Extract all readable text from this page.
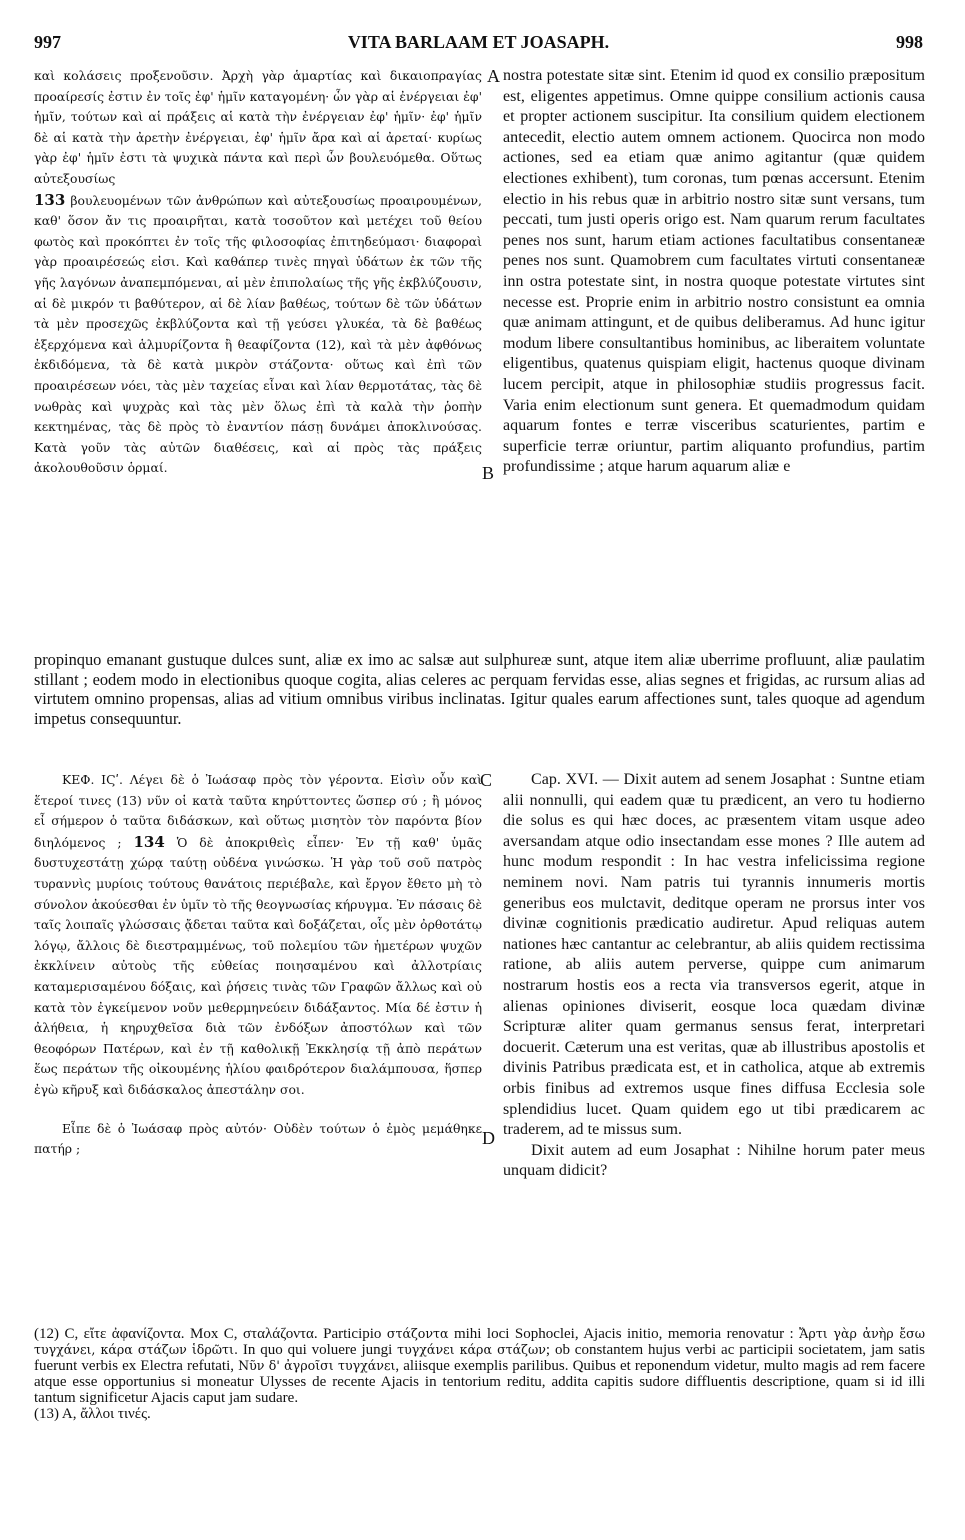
997	VITA BARLAAM ET JOASAPH.	998

καὶ κολάσεις προξενοῦσιν. Ἀρχὴ γὰρ ἁμαρτίας καὶ δικαιοπραγίας προαίρεσίς ἐστιν ἐν τοῖς ἐφ' ἡμῖν καταγομένη· ὧν γὰρ αἱ ἐνέργειαι ἐφ' ἡμῖν, τούτων καὶ αἱ πράξεις αἱ κατὰ τὴν ἐνέργειαν ἐφ' ἡμῖν· ἐφ' ἡμῖν δὲ αἱ κατὰ τὴν ἀρετὴν ἐνέργειαι, ἐφ' ἡμῖν ἄρα καὶ αἱ ἀρεταί· κυρίως γὰρ ἐφ' ἡμῖν ἐστι τὰ ψυχικὰ πάντα καὶ περὶ ὧν βουλευόμεθα. Οὕτως αὐτεξουσίως

133 βουλευομένων τῶν ἀνθρώπων καὶ αὐτεξουσίως προαιρουμένων, καθ' ὅσον ἄν τις προαιρῆται, κατὰ τοσοῦτον καὶ μετέχει τοῦ θείου φωτὸς καὶ προκόπτει ἐν τοῖς τῆς φιλοσοφίας ἐπιτηδεύμασι· διαφοραὶ γὰρ προαιρέσεώς εἰσι. Καὶ καθάπερ τινὲς πηγαὶ ὑδάτων ἐκ τῶν τῆς γῆς λαγόνων ἀναπεμπόμεναι, αἱ μὲν ἐπιπολαίως τῆς γῆς ἐκβλύζουσιν, αἱ δὲ μικρόν τι βαθύτερον, αἱ δὲ λίαν βαθέως, τούτων δὲ τῶν ὑδάτων τὰ μὲν προσεχῶς ἐκβλύζοντα καὶ τῇ γεύσει γλυκέα, τὰ δὲ βαθέως ἐξερχόμενα καὶ ἁλμυρίζοντα ἢ θεαφίζοντα (12), καὶ τὰ μὲν ἀφθόνως ἐκδιδόμενα, τὰ δὲ κατὰ μικρὸν στάζοντα· οὕτως καὶ ἐπὶ τῶν προαιρέσεων νόει, τὰς μὲν ταχείας εἶναι καὶ λίαν θερμοτάτας, τὰς δὲ νωθρὰς καὶ ψυχρὰς καὶ τὰς μὲν ὅλως ἐπὶ τὰ καλὰ τὴν ῥοπὴν κεκτημένας, τὰς δὲ πρὸς τὸ ἐναντίον πάσῃ δυνάμει ἀποκλινούσας. Κατὰ γοῦν τὰς αὐτῶν διαθέσεις, καὶ αἱ πρὸς τὰς πράξεις ἀκολουθοῦσιν ὁρμαί.

A
B

nostra potestate sitæ sint. Etenim id quod ex consilio præpositum est, eligentes appetimus. Omne quippe consilium actionis causa et propter actionem suscipitur. Ita consilium quidem electionem antecedit, electio autem omnem actionem. Quocirca non modo actiones, sed ea etiam quæ animo agitantur (quæ quidem electiones exhibent), tum coronas, tum pœnas accersunt. Etenim electio in his rebus quæ in arbitrio nostro sitæ sunt versans, tum peccati, tum justi operis origo est. Nam quarum rerum facultates penes nos sunt, harum etiam actiones facultatibus consentaneæ penes nos sunt. Quamobrem cum facultates virtuti consentaneæ inn ostra potestate sint, in nostra quoque potestate virtutes sint necesse est. Proprie enim in arbitrio nostro consistunt ea omnia quæ animam attingunt, et de quibus deliberamus. Ad hunc igitur modum libere consultantibus hominibus, ac liberaitem voluntate eligentibus, quatenus quispiam eligit, hactenus quoque divinam lucem percipit, atque in philosophiæ studiis progressus facit. Varia enim electionum sunt genera. Et quemadmodum quidam aquarum fontes e terræ visceribus scaturientes, partim e superficie terræ oriuntur, partim aliquanto profundius, partim profundissime ; atque harum aquarum aliæ e

propinquo emanant gustuque dulces sunt, aliæ ex imo ac salsæ aut sulphureæ sunt, atque item aliæ uberrime profluunt, aliæ paulatim stillant ; eodem modo in electionibus quoque cogita, alias celeres ac perquam fervidas esse, alias segnes et frigidas, ac rursum alias ad virtutem omnino propensas, alias ad vitium omnibus viribus inclinatas. Igitur quales earum affectiones sunt, tales quoque ad agendum impetus consequuntur.

ΚΕΦ. ΙϚʹ. Λέγει δὲ ὁ Ἰωάσαφ πρὸς τὸν γέροντα. Εἰσὶν οὖν καὶ ἕτεροί τινες (13) νῦν οἱ κατὰ ταῦτα κηρύττοντες ὥσπερ σύ ; ἢ μόνος εἶ σήμερον ὁ ταῦτα διδάσκων, καὶ οὕτως μισητὸν τὸν παρόντα βίον διηλόμενος ; 134 Ὁ δὲ ἀποκριθεὶς εἶπεν· Ἐν τῇ καθ' ὑμᾶς δυστυχεστάτῃ χώρᾳ ταύτῃ οὐδένα γινώσκω. Ἡ γὰρ τοῦ σοῦ πατρὸς τυραννὶς μυρίοις τούτους θανάτοις περιέβαλε, καὶ ἔργον ἔθετο μὴ τὸ σύνολον ἀκούεσθαι ἐν ὑμῖν τὸ τῆς θεογνωσίας κήρυγμα. Ἐν πάσαις δὲ ταῖς λοιπαῖς γλώσσαις ᾄδεται ταῦτα καὶ δοξάζεται, οἷς μὲν ὀρθοτάτῳ λόγῳ, ἄλλοις δὲ διεστραμμένως, τοῦ πολεμίου τῶν ἡμετέρων ψυχῶν ἐκκλίνειν αὐτοὺς τῆς εὐθείας ποιησαμένου καὶ ἀλλοτρίαις καταμερισαμένου δόξαις, καὶ ῥήσεις τινὰς τῶν Γραφῶν ἄλλως καὶ οὐ κατὰ τὸν ἐγκείμενον νοῦν μεθερμηνεύειν διδάξαντος. Μία δέ ἐστιν ἡ ἀλήθεια, ἡ κηρυχθεῖσα διὰ τῶν ἐνδόξων ἀποστόλων καὶ τῶν θεοφόρων Πατέρων, καὶ ἐν τῇ καθολικῇ Ἐκκλησίᾳ τῇ ἀπὸ περάτων ἕως περάτων τῆς οἰκουμένης ἡλίου φαιδρότερον διαλάμπουσα, ἥσπερ ἐγὼ κῆρυξ καὶ διδάσκαλος ἀπεστάλην σοι.

Εἶπε δὲ ὁ Ἰωάσαφ πρὸς αὐτόν· Οὐδὲν τούτων ὁ ἐμὸς μεμάθηκε πατήρ ;

C
D

Cap. XVI. — Dixit autem ad senem Josaphat : Suntne etiam alii nonnulli, qui eadem quæ tu prædicent, an vero tu hodierno die solus es qui hæc doces, ac præsentem vitam usque adeo aversandam atque odio insectandam esse mones ? Ille autem ad hunc modum respondit : In hac vestra infelicissima regione neminem novi. Nam patris tui tyrannis innumeris mortis generibus eos mulctavit, deditque operam ne prorsus inter vos divinæ cognitionis prædicatio audiretur. Apud reliquas autem nationes hæc cantantur ac celebrantur, ab aliis quidem rectissima ratione, ab aliis autem perverse, quippe cum animarum nostrarum hostis eos a recta via transversos egerit, atque in alienas opiniones diviserit, eosque loca quædam divinæ Scripturæ aliter quam germanus sensus ferat, interpretari docuerit. Cæterum una est veritas, quæ ab illustribus apostolis et divinis Patribus prædicata est, et in catholica, atque ab extremis orbis finibus ad extremos usque fines diffusa Ecclesia sole splendidius lucet. Quam quidem ego ut tibi prædicarem ac traderem, ad te missus sum.

Dixit autem ad eum Josaphat : Nihilne horum pater meus unquam didicit?

(12) C, εἴτε ἀφανίζοντα. Mox C, σταλάζοντα. Participio στάζοντα mihi loci Sophoclei, Ajacis initio, memoria renovatur : Ἄρτι γὰρ ἀνὴρ ἔσω τυγχάνει, κάρα στάζων ἱδρῶτι. In quo qui voluere jungi τυγχάνει κάρα στάζων; ob constantem hujus verbi ac participii societatem, jam satis fuerunt verbis ex Electra refutati, Νῦν δ' ἀγροῖσι τυγχάνει, aliisque exemplis parilibus. Quibus et reponendum videtur, multo magis ad rem facere atque esse opportunius si moneatur Ulysses de recente Ajacis in tentorium reditu, addita capitis sudore diffluentis descriptione, quam si id illi tantum significetur Ajacis caput jam sudare.

(13) A, ἄλλοι τινές.
